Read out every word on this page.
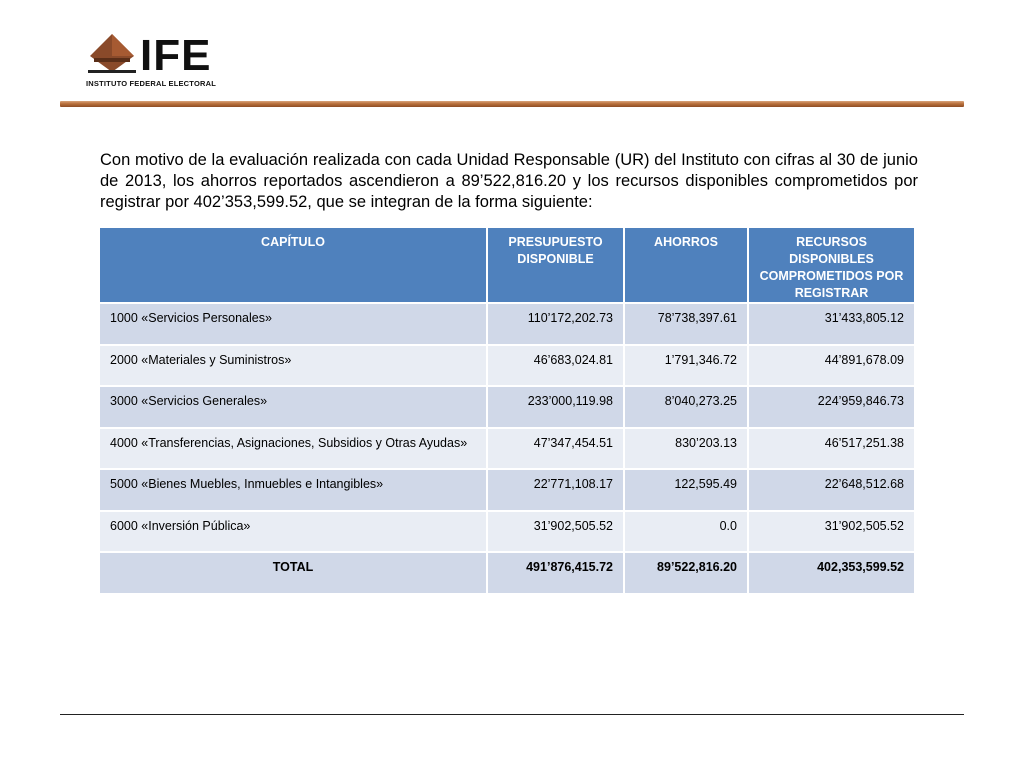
IFE
INSTITUTO FEDERAL ELECTORAL

Con motivo de la evaluación realizada con cada Unidad Responsable (UR) del Instituto con cifras al 30 de junio de 2013, los ahorros reportados ascendieron a 89’522,816.20 y los recursos disponibles comprometidos por registrar por 402’353,599.52, que se integran de la forma siguiente:

CAPÍTULO	PRESUPUESTO DISPONIBLE	AHORROS	RECURSOS DISPONIBLES COMPROMETIDOS POR REGISTRAR
1000 «Servicios Personales»	110’172,202.73	78’738,397.61	31’433,805.12
2000 «Materiales y Suministros»	46’683,024.81	1’791,346.72	44’891,678.09
3000 «Servicios Generales»	233’000,119.98	8’040,273.25	224’959,846.73
4000 «Transferencias, Asignaciones, Subsidios y Otras Ayudas»	47’347,454.51	830’203.13	46’517,251.38
5000 «Bienes Muebles, Inmuebles e Intangibles»	22’771,108.17	122,595.49	22’648,512.68
6000 «Inversión Pública»	31’902,505.52	0.0	31’902,505.52
TOTAL	491’876,415.72	89’522,816.20	402,353,599.52
